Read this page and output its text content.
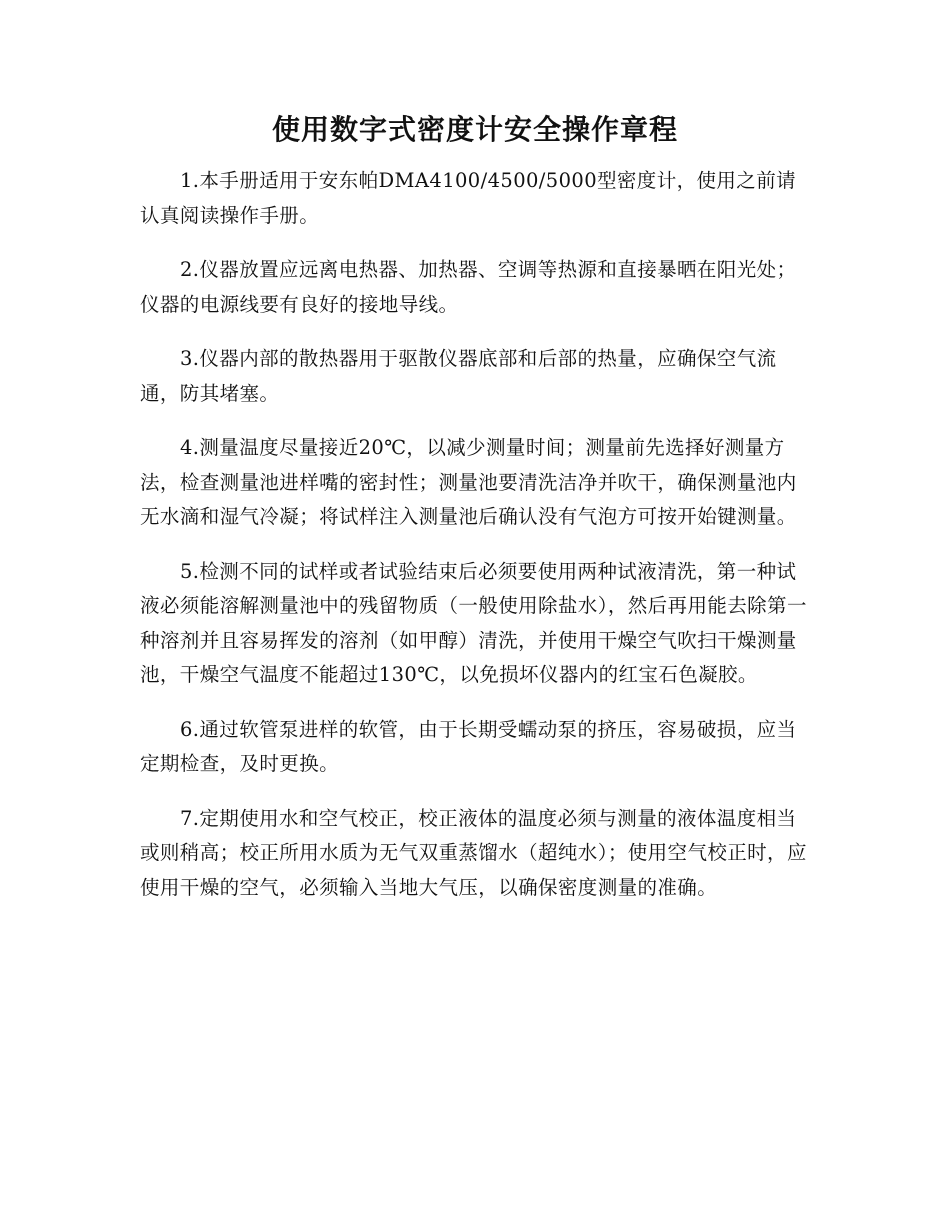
使用数字式密度计安全操作章程

1.本手册适用于安东帕DMA4100/4500/5000型密度计，使用之前请认真阅读操作手册。

2.仪器放置应远离电热器、加热器、空调等热源和直接暴晒在阳光处；仪器的电源线要有良好的接地导线。

3.仪器内部的散热器用于驱散仪器底部和后部的热量，应确保空气流通，防其堵塞。

4.测量温度尽量接近20℃，以减少测量时间；测量前先选择好测量方法，检查测量池进样嘴的密封性；测量池要清洗洁净并吹干，确保测量池内无水滴和湿气冷凝；将试样注入测量池后确认没有气泡方可按开始键测量。

5.检测不同的试样或者试验结束后必须要使用两种试液清洗，第一种试液必须能溶解测量池中的残留物质（一般使用除盐水），然后再用能去除第一种溶剂并且容易挥发的溶剂（如甲醇）清洗，并使用干燥空气吹扫干燥测量池，干燥空气温度不能超过130℃，以免损坏仪器内的红宝石色凝胶。

6.通过软管泵进样的软管，由于长期受蠕动泵的挤压，容易破损，应当定期检查，及时更换。

7.定期使用水和空气校正，校正液体的温度必须与测量的液体温度相当或则稍高；校正所用水质为无气双重蒸馏水（超纯水）；使用空气校正时，应使用干燥的空气，必须输入当地大气压，以确保密度测量的准确。
